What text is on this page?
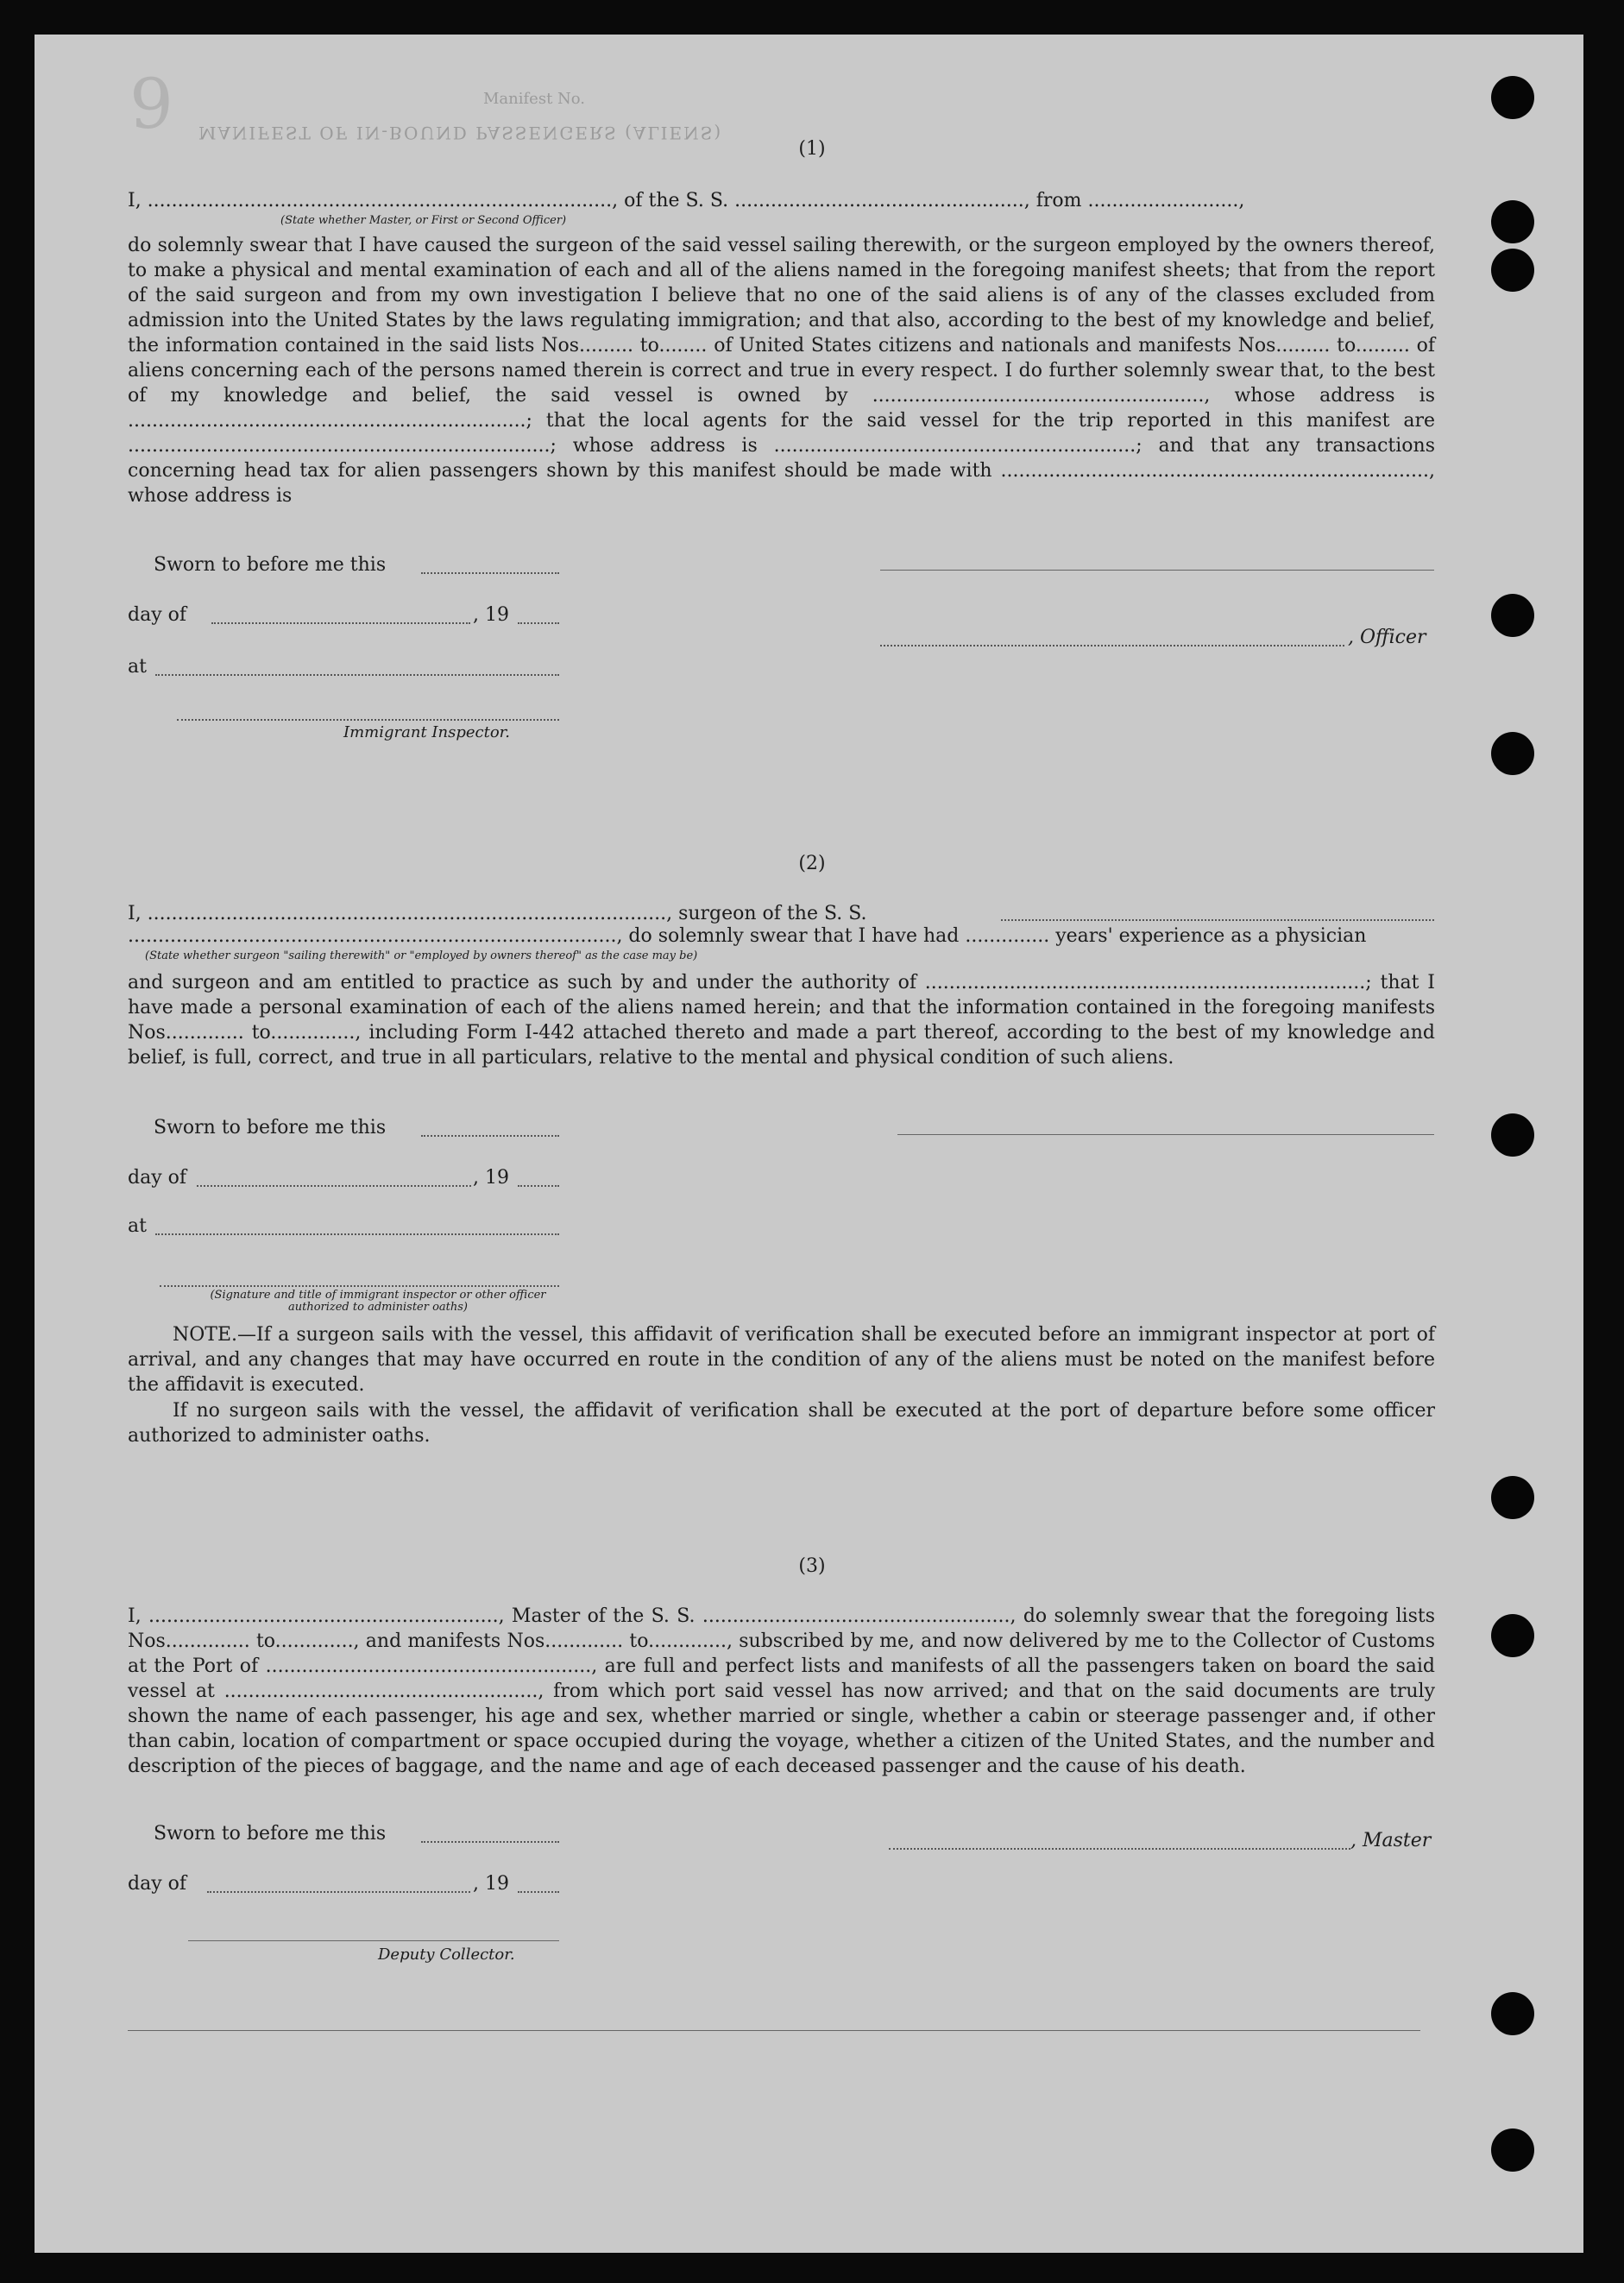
9	Manifest No.
MANIFEST OF IN-BOUND PASSENGERS (ALIENS)
(1)
I, ............................................................................., of the S. S. ................................................, from .........................,
(State whether Master, or First or Second Officer)
do solemnly swear that I have caused the surgeon of the said vessel sailing therewith, or the surgeon employed by the owners thereof, to make a physical and mental examination of each and all of the aliens named in the foregoing manifest sheets; that from the report of the said surgeon and from my own investigation I believe that no one of the said aliens is of any of the classes excluded from admission into the United States by the laws regulating immigration; and that also, according to the best of my knowledge and belief, the information contained in the said lists Nos......... to........ of United States citizens and nationals and manifests Nos......... to......... of aliens concerning each of the persons named therein is correct and true in every respect. I do further solemnly swear that, to the best of my knowledge and belief, the said vessel is owned by ......................................................., whose address is ..................................................................; that the local agents for the said vessel for the trip reported in this manifest are ......................................................................; whose address is ............................................................; and that any transactions concerning head tax for alien passengers shown by this manifest should be made with ......................................................................., whose address is
Sworn to before me this
day of	, 19
, Officer
at
Immigrant Inspector.
(2)
I, ......................................................................................, surgeon of the S. S.
................................................................................., do solemnly swear that I have had .............. years' experience as a physician
(State whether surgeon "sailing therewith" or "employed by owners thereof" as the case may be)
and surgeon and am entitled to practice as such by and under the authority of .........................................................................; that I have made a personal examination of each of the aliens named herein; and that the information contained in the foregoing manifests Nos............. to.............., including Form I-442 attached thereto and made a part thereof, according to the best of my knowledge and belief, is full, correct, and true in all particulars, relative to the mental and physical condition of such aliens.
Sworn to before me this
day of	, 19
at
(Signature and title of immigrant inspector or other officer authorized to administer oaths)
NOTE.—If a surgeon sails with the vessel, this affidavit of verification shall be executed before an immigrant inspector at port of arrival, and any changes that may have occurred en route in the condition of any of the aliens must be noted on the manifest before the affidavit is executed.
If no surgeon sails with the vessel, the affidavit of verification shall be executed at the port of departure before some officer authorized to administer oaths.
(3)
I, .........................................................., Master of the S. S. ..................................................., do solemnly swear that the foregoing lists Nos.............. to............., and manifests Nos............. to............., subscribed by me, and now delivered by me to the Collector of Customs at the Port of ......................................................, are full and perfect lists and manifests of all the passengers taken on board the said vessel at ...................................................., from which port said vessel has now arrived; and that on the said documents are truly shown the name of each passenger, his age and sex, whether married or single, whether a cabin or steerage passenger and, if other than cabin, location of compartment or space occupied during the voyage, whether a citizen of the United States, and the number and description of the pieces of baggage, and the name and age of each deceased passenger and the cause of his death.
Sworn to before me this	, Master
day of	, 19
Deputy Collector.
